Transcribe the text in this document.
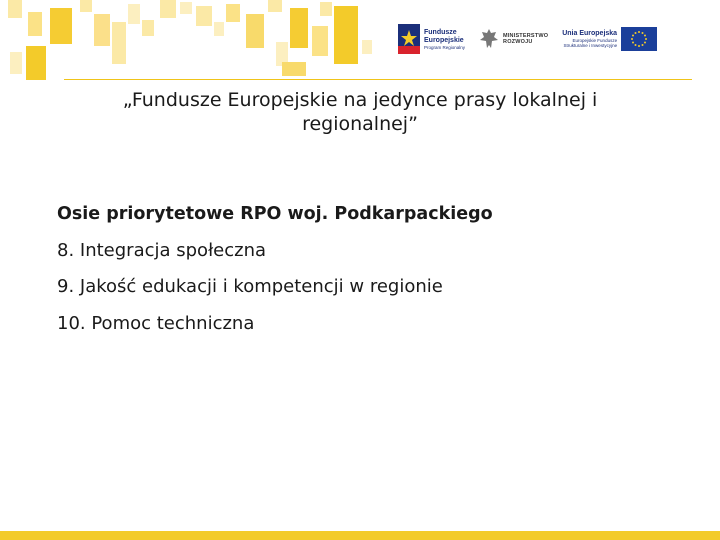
Fundusze
Europejskie
Program Regionalny
MINISTERSTWO
ROZWOJU
Unia Europejska
Europejskie Fundusze
Strukturalne i Inwestycyjne
„Fundusze Europejskie na jedynce prasy lokalnej i regionalnej”
Osie priorytetowe RPO woj. Podkarpackiego
8. Integracja społeczna
9. Jakość edukacji i kompetencji w regionie
10. Pomoc techniczna
